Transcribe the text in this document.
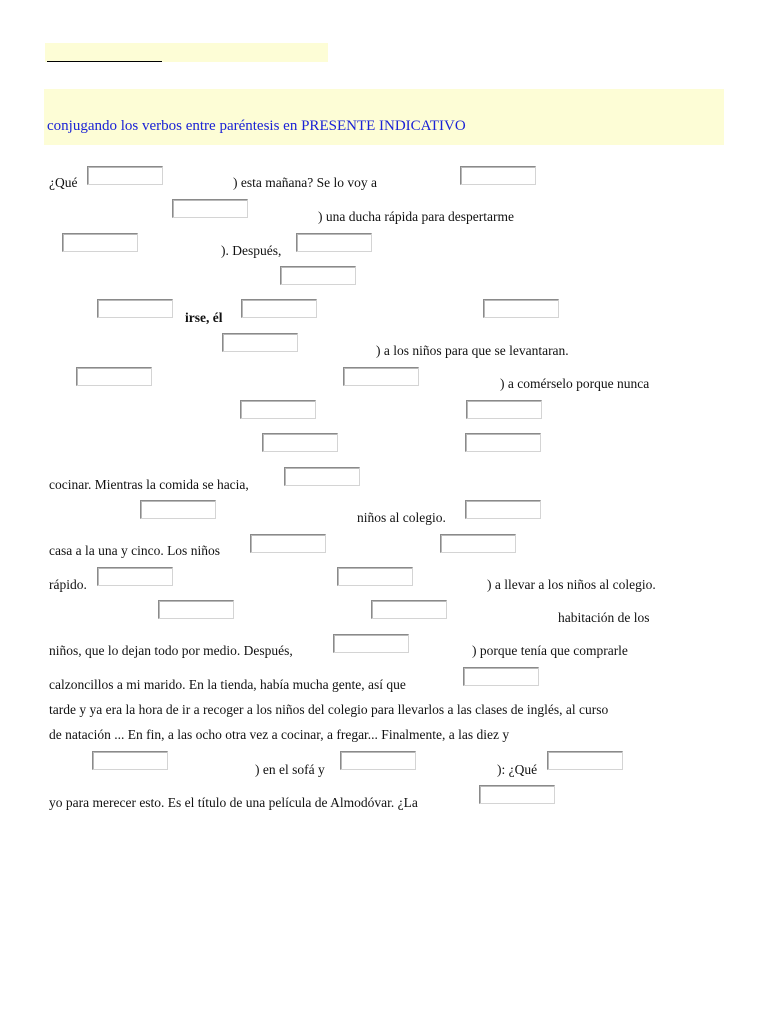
conjugando los verbos entre paréntesis en PRESENTE INDICATIVO
¿Qué	) esta mañana? Se lo voy a
) una ducha rápida para despertarme
). Después,
irse, él
) a los niños para que se levantaran.
) a comérselo porque nunca
cocinar. Mientras la comida se hacia,
niños al colegio.
casa a la una y cinco. Los niños
rápido.	) a llevar a los niños al colegio.
habitación de los
niños, que lo dejan todo por medio. Después,	) porque tenía que comprarle
calzoncillos a mi marido. En la tienda, había mucha gente, así que
tarde y ya era la hora de ir a recoger a los niños del colegio para llevarlos a las clases de inglés, al curso
de natación ... En fin, a las ocho otra vez a cocinar, a fregar... Finalmente, a las diez y
) en el sofá y	): ¿Qué
yo para merecer esto. Es el título de una película de Almodóvar. ¿La
